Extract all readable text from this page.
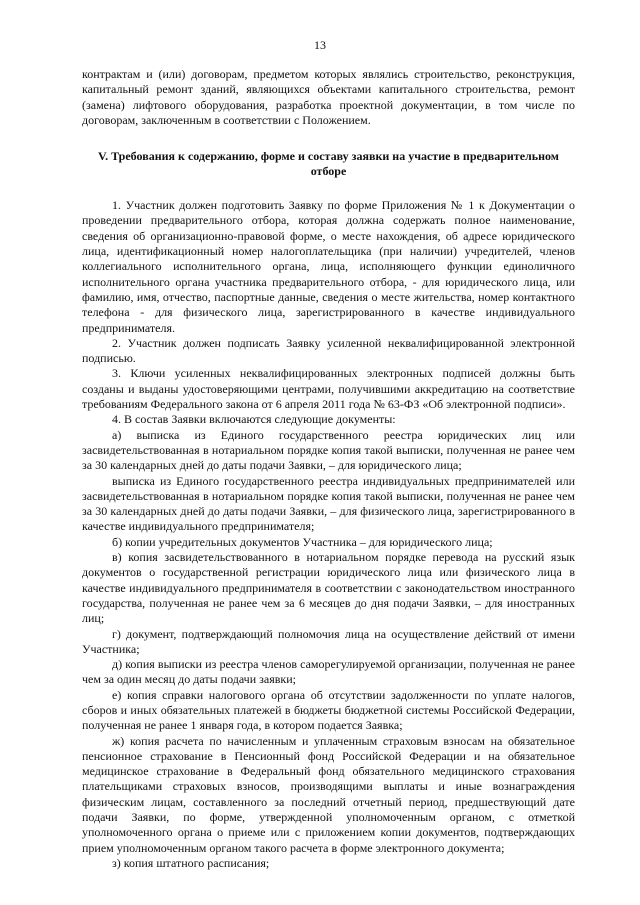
13

контрактам и (или) договорам, предметом которых являлись строительство, реконструкция, капитальный ремонт зданий, являющихся объектами капитального строительства, ремонт (замена) лифтового оборудования, разработка проектной документации, в том числе по договорам, заключенным в соответствии с Положением.

V. Требования к содержанию, форме и составу заявки на участие в предварительном отборе

1. Участник должен подготовить Заявку по форме Приложения № 1 к Документации о проведении предварительного отбора, которая должна содержать полное наименование, сведения об организационно-правовой форме, о месте нахождения, об адресе юридического лица, идентификационный номер налогоплательщика (при наличии) учредителей, членов коллегиального исполнительного органа, лица, исполняющего функции единоличного исполнительного органа участника предварительного отбора, - для юридического лица, или фамилию, имя, отчество, паспортные данные, сведения о месте жительства, номер контактного телефона - для физического лица, зарегистрированного в качестве индивидуального предпринимателя.

2. Участник должен подписать Заявку усиленной неквалифицированной электронной подписью.

3. Ключи усиленных неквалифицированных электронных подписей должны быть созданы и выданы удостоверяющими центрами, получившими аккредитацию на соответствие требованиям Федерального закона от 6 апреля 2011 года № 63-ФЗ «Об электронной подписи».

4. В состав Заявки включаются следующие документы:

а) выписка из Единого государственного реестра юридических лиц или засвидетельствованная в нотариальном порядке копия такой выписки, полученная не ранее чем за 30 календарных дней до даты подачи Заявки, – для юридического лица;

выписка из Единого государственного реестра индивидуальных предпринимателей или засвидетельствованная в нотариальном порядке копия такой выписки, полученная не ранее чем за 30 календарных дней до даты подачи Заявки, – для физического лица, зарегистрированного в качестве индивидуального предпринимателя;

б) копии учредительных документов Участника – для юридического лица;

в) копия засвидетельствованного в нотариальном порядке перевода на русский язык документов о государственной регистрации юридического лица или физического лица в качестве индивидуального предпринимателя в соответствии с законодательством иностранного государства, полученная не ранее чем за 6 месяцев до дня подачи Заявки, – для иностранных лиц;

г) документ, подтверждающий полномочия лица на осуществление действий от имени Участника;

д) копия выписки из реестра членов саморегулируемой организации, полученная не ранее чем за один месяц до даты подачи заявки;

е) копия справки налогового органа об отсутствии задолженности по уплате налогов, сборов и иных обязательных платежей в бюджеты бюджетной системы Российской Федерации, полученная не ранее 1 января года, в котором подается Заявка;

ж) копия расчета по начисленным и уплаченным страховым взносам на обязательное пенсионное страхование в Пенсионный фонд Российской Федерации и на обязательное медицинское страхование в Федеральный фонд обязательного медицинского страхования плательщиками страховых взносов, производящими выплаты и иные вознаграждения физическим лицам, составленного за последний отчетный период, предшествующий дате подачи Заявки, по форме, утвержденной уполномоченным органом, с отметкой уполномоченного органа о приеме или с приложением копии документов, подтверждающих прием уполномоченным органом такого расчета в форме электронного документа;

з) копия штатного расписания;
